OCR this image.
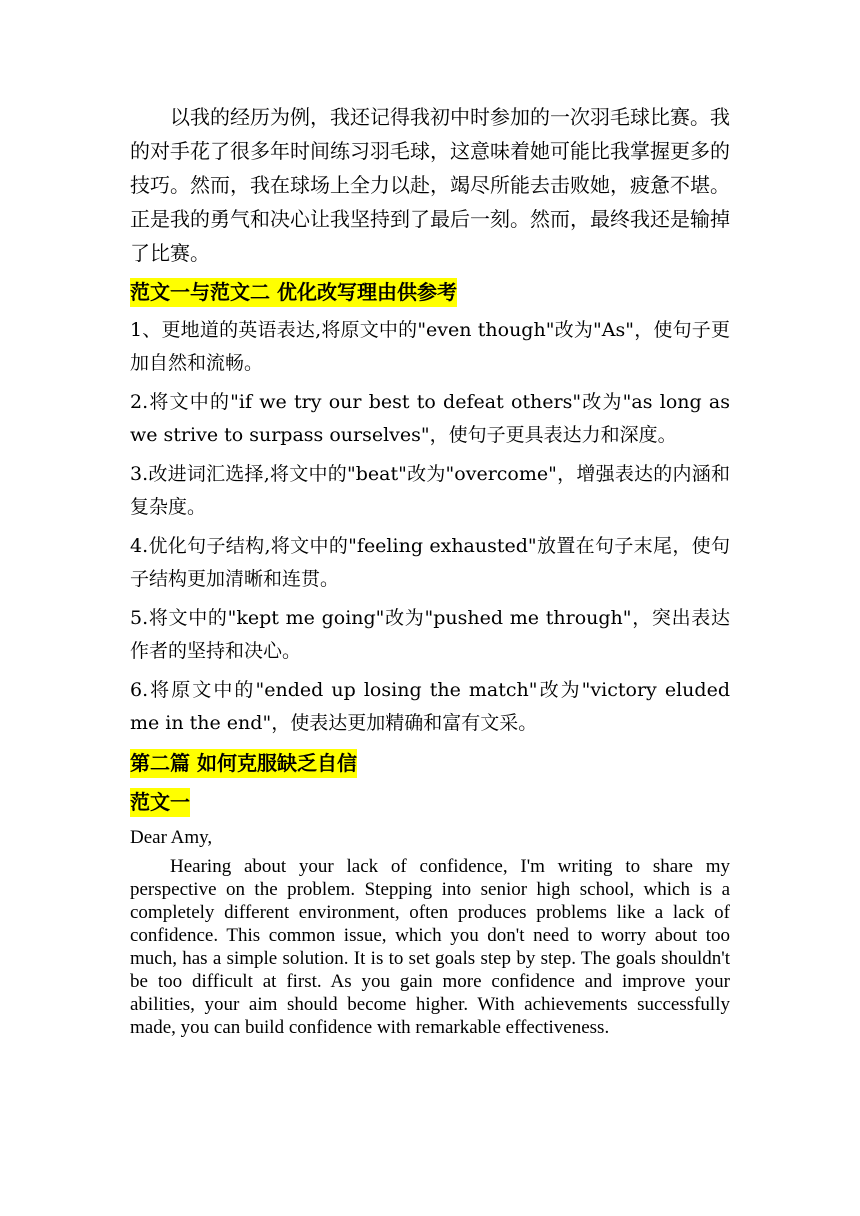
以我的经历为例，我还记得我初中时参加的一次羽毛球比赛。我的对手花了很多年时间练习羽毛球，这意味着她可能比我掌握更多的技巧。然而，我在球场上全力以赴，竭尽所能去击败她，疲惫不堪。正是我的勇气和决心让我坚持到了最后一刻。然而，最终我还是输掉了比赛。

范文一与范文二 优化改写理由供参考

1、更地道的英语表达,将原文中的"even though"改为"As"，使句子更加自然和流畅。

2.将文中的"if we try our best to defeat others"改为"as long as we strive to surpass ourselves"，使句子更具表达力和深度。

3.改进词汇选择,将文中的"beat"改为"overcome"，增强表达的内涵和复杂度。

4.优化句子结构,将文中的"feeling exhausted"放置在句子末尾，使句子结构更加清晰和连贯。

5.将文中的"kept me going"改为"pushed me through"，突出表达作者的坚持和决心。

6.将原文中的"ended up losing the match"改为"victory eluded me in the end"，使表达更加精确和富有文采。

第二篇 如何克服缺乏自信
范文一

Dear Amy,

Hearing about your lack of confidence, I'm writing to share my perspective on the problem. Stepping into senior high school, which is a completely different environment, often produces problems like a lack of confidence. This common issue, which you don't need to worry about too much, has a simple solution. It is to set goals step by step. The goals shouldn't be too difficult at first. As you gain more confidence and improve your abilities, your aim should become higher. With achievements successfully made, you can build confidence with remarkable effectiveness.
